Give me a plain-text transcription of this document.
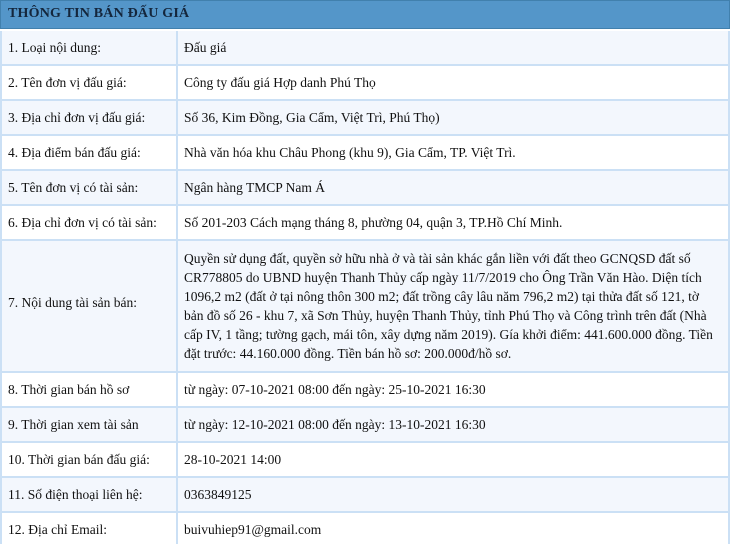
THÔNG TIN BÁN ĐẤU GIÁ
1. Loại nội dung:	Đấu giá
2. Tên đơn vị đấu giá:	Công ty đấu giá Hợp danh Phú Thọ
3. Địa chỉ đơn vị đấu giá:	Số 36, Kim Đồng, Gia Cẩm, Việt Trì, Phú Thọ)
4. Địa điểm bán đấu giá:	Nhà văn hóa khu Châu Phong (khu 9), Gia Cẩm, TP. Việt Trì.
5. Tên đơn vị có tài sản:	Ngân hàng TMCP Nam Á
6. Địa chỉ đơn vị có tài sản:	Số 201-203 Cách mạng tháng 8, phường 04, quận 3, TP.Hồ Chí Minh.
7. Nội dung tài sản bán:
Quyền sử dụng đất, quyền sở hữu nhà ở và tài sản khác gắn liền với đất theo GCNQSD đất số CR778805 do UBND huyện Thanh Thủy cấp ngày 11/7/2019 cho Ông Trần Văn Hào. Diện tích 1096,2 m2 (đất ở tại nông thôn 300 m2; đất trồng cây lâu năm 796,2 m2) tại thửa đất số 121, tờ bản đồ số 26 - khu 7, xã Sơn Thủy, huyện Thanh Thủy, tỉnh Phú Thọ và Công trình trên đất (Nhà cấp IV, 1 tầng; tường gạch, mái tôn, xây dựng năm 2019). Gía khởi điểm: 441.600.000 đồng. Tiền đặt trước: 44.160.000 đồng. Tiền bán hồ sơ: 200.000đ/hồ sơ.
8. Thời gian bán hồ sơ	từ ngày: 07-10-2021 08:00 đến ngày: 25-10-2021 16:30
9. Thời gian xem tài sản	từ ngày: 12-10-2021 08:00 đến ngày: 13-10-2021 16:30
10. Thời gian bán đấu giá:	28-10-2021 14:00
11. Số điện thoại liên hệ:	0363849125
12. Địa chỉ Email:	buivuhiep91@gmail.com
